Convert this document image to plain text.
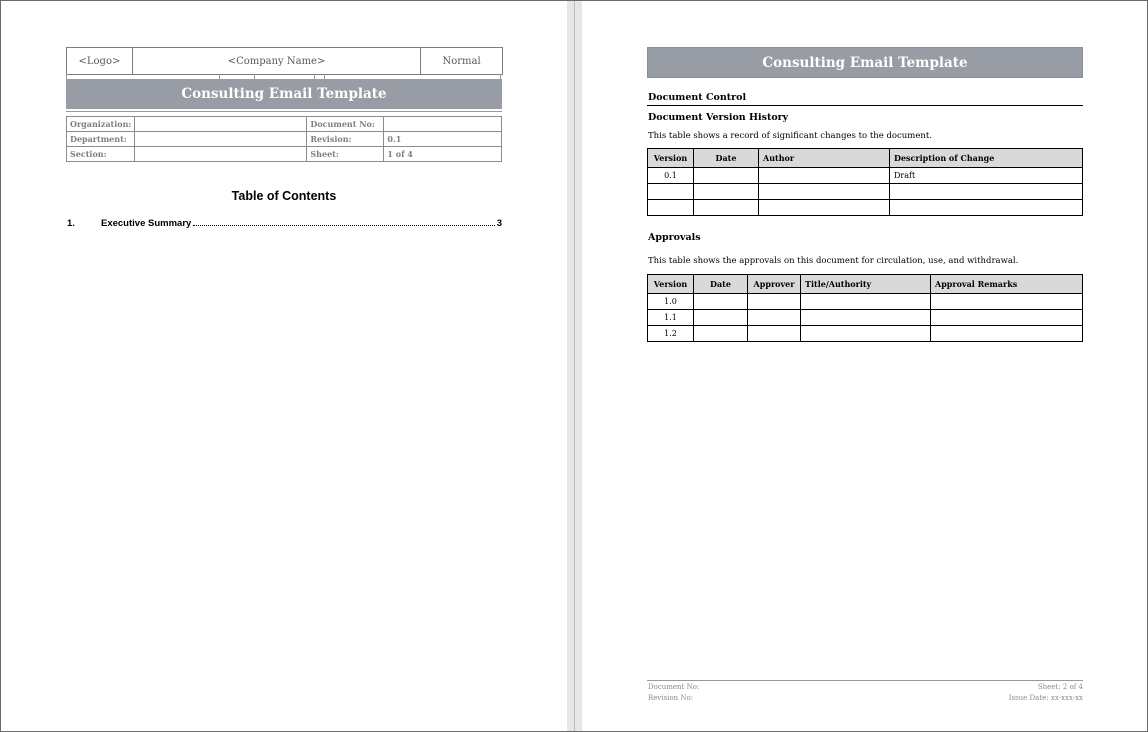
<Logo>	<Company Name>	Normal
Consulting Email Template
Organization:		Document No:	
Department:		Revision:	0.1
Section:		Sheet:	1 of 4
Table of Contents
1.	Executive Summary	3
Consulting Email Template
Document Control
Document Version History
This table shows a record of significant changes to the document.
Version	Date	Author	Description of Change
0.1			Draft

Approvals
This table shows the approvals on this document for circulation, use, and withdrawal.
Version	Date	Approver	Title/Authority	Approval Remarks
1.0				
1.1				
1.2				
Document No:
Revision No:
Sheet: 2 of 4
Issue Date: xx-xxx-xx
